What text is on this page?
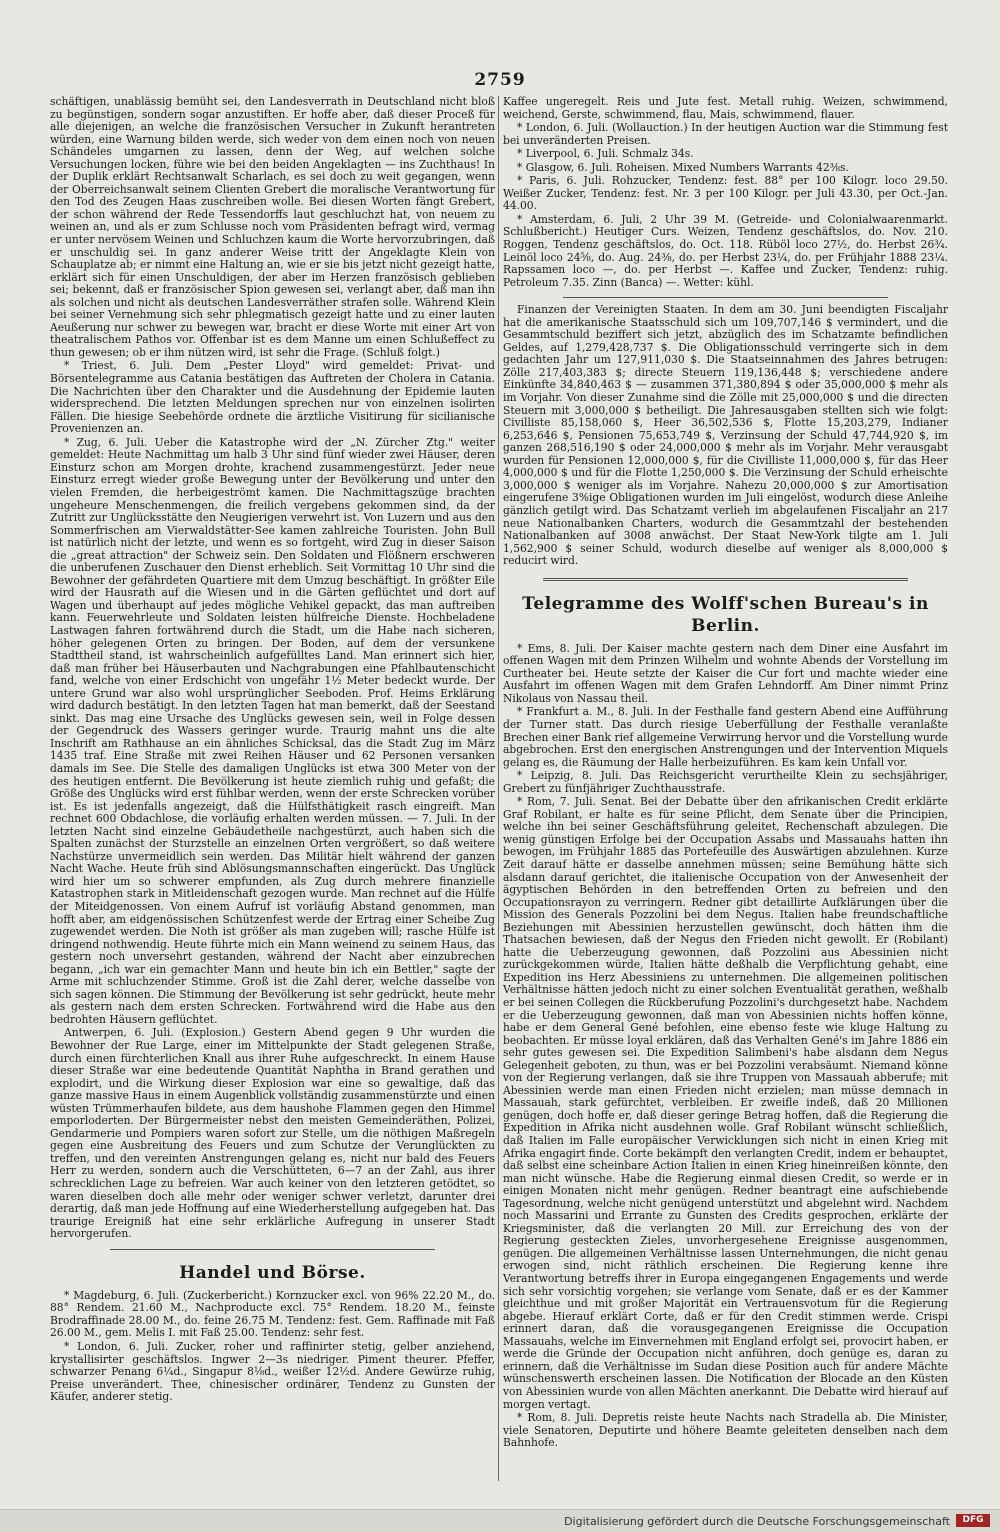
2759

schäftigen, unablässig bemüht sei, den Landesverrath in Deutschland nicht bloß zu begünstigen, sondern sogar anzustiften. Er hoffe aber, daß dieser Proceß für alle diejenigen, an welche die französischen Versucher in Zukunft herantreten würden, eine Warnung bilden werde, sich weder von dem einen noch von neuen Schändeles umgarnen zu lassen, denn der Weg, auf welchen solche Versuchungen locken, führe wie bei den beiden Angeklagten — ins Zuchthaus! In der Duplik erklärt Rechtsanwalt Scharlach, es sei doch zu weit gegangen, wenn der Oberreichsanwalt seinem Clienten Grebert die moralische Verantwortung für den Tod des Zeugen Haas zuschreiben wolle. Bei diesen Worten fängt Grebert, der schon während der Rede Tessendorffs laut geschluchzt hat, von neuem zu weinen an, und als er zum Schlusse noch vom Präsidenten befragt wird, vermag er unter nervösem Weinen und Schluchzen kaum die Worte hervorzubringen, daß er unschuldig sei. In ganz anderer Weise tritt der Angeklagte Klein von Schauplatze ab; er nimmt eine Haltung an, wie er sie bis jetzt nicht gezeigt hatte, erklärt sich für einen Unschuldigen, der aber im Herzen französisch geblieben sei; bekennt, daß er französischer Spion gewesen sei, verlangt aber, daß man ihn als solchen und nicht als deutschen Landesverräther strafen solle. Während Klein bei seiner Vernehmung sich sehr phlegmatisch gezeigt hatte und zu einer lauten Aeußerung nur schwer zu bewegen war, bracht er diese Worte mit einer Art von theatralischem Pathos vor. Offenbar ist es dem Manne um einen Schlußeffect zu thun gewesen; ob er ihm nützen wird, ist sehr die Frage. (Schluß folgt.)

* Triest, 6. Juli. Dem „Pester Lloyd" wird gemeldet: Privat- und Börsentelegramme aus Catania bestätigen das Auftreten der Cholera in Catania. Die Nachrichten über den Charakter und die Ausdehnung der Epidemie lauten widersprechend. Die letzten Meldungen sprechen nur von einzelnen isolirten Fällen. Die hiesige Seebehörde ordnete die ärztliche Visitirung für sicilianische Provenienzen an.

* Zug, 6. Juli. Ueber die Katastrophe wird der „N. Zürcher Ztg." weiter gemeldet: Heute Nachmittag um halb 3 Uhr sind fünf wieder zwei Häuser, deren Einsturz schon am Morgen drohte, krachend zusammengestürzt. Jeder neue Einsturz erregt wieder große Bewegung unter der Bevölkerung und unter den vielen Fremden, die herbeigeströmt kamen. Die Nachmittagszüge brachten ungeheure Menschenmengen, die freilich vergebens gekommen sind, da der Zutritt zur Unglücksstätte den Neugierigen verwehrt ist. Von Luzern und aus den Sommerfrischen am Vierwaldstätter-See kamen zahlreiche Touristen. John Bull ist natürlich nicht der letzte, und wenn es so fortgeht, wird Zug in dieser Saison die „great attraction" der Schweiz sein. Den Soldaten und Flößnern erschweren die unberufenen Zuschauer den Dienst erheblich. Seit Vormittag 10 Uhr sind die Bewohner der gefährdeten Quartiere mit dem Umzug beschäftigt. In größter Eile wird der Hausrath auf die Wiesen und in die Gärten geflüchtet und dort auf Wagen und überhaupt auf jedes mögliche Vehikel gepackt, das man auftreiben kann. Feuerwehrleute und Soldaten leisten hülfreiche Dienste. Hochbeladene Lastwagen fahren fortwährend durch die Stadt, um die Habe nach sicheren, höher gelegenen Orten zu bringen. Der Boden, auf dem der versunkene Stadttheil stand, ist wahrscheinlich aufgefülltes Land. Man erinnert sich hier, daß man früher bei Häuserbauten und Nachgrabungen eine Pfahlbautenschicht fand, welche von einer Erdschicht von ungefähr 1½ Meter bedeckt wurde. Der untere Grund war also wohl ursprünglicher Seeboden. Prof. Heims Erklärung wird dadurch bestätigt. In den letzten Tagen hat man bemerkt, daß der Seestand sinkt. Das mag eine Ursache des Unglücks gewesen sein, weil in Folge dessen der Gegendruck des Wassers geringer wurde. Traurig mahnt uns die alte Inschrift am Rathhause an ein ähnliches Schicksal, das die Stadt Zug im März 1435 traf. Eine Straße mit zwei Reihen Häuser und 62 Personen versanken damals im See. Die Stelle des damaligen Unglücks ist etwa 300 Meter von der des heutigen entfernt. Die Bevölkerung ist heute ziemlich ruhig und gefaßt; die Größe des Unglücks wird erst fühlbar werden, wenn der erste Schrecken vorüber ist. Es ist jedenfalls angezeigt, daß die Hülfsthätigkeit rasch eingreift. Man rechnet 600 Obdachlose, die vorläufig erhalten werden müssen. — 7. Juli. In der letzten Nacht sind einzelne Gebäudetheile nachgestürzt, auch haben sich die Spalten zunächst der Sturzstelle an einzelnen Orten vergrößert, so daß weitere Nachstürze unvermeidlich sein werden. Das Militär hielt während der ganzen Nacht Wache. Heute früh sind Ablösungsmannschaften eingerückt. Das Unglück wird hier um so schwerer empfunden, als Zug durch mehrere finanzielle Katastrophen stark in Mitleidenschaft gezogen wurde. Man rechnet auf die Hülfe der Miteidgenossen. Von einem Aufruf ist vorläufig Abstand genommen, man hofft aber, am eidgenössischen Schützenfest werde der Ertrag einer Scheibe Zug zugewendet werden. Die Noth ist größer als man zugeben will; rasche Hülfe ist dringend nothwendig. Heute führte mich ein Mann weinend zu seinem Haus, das gestern noch unversehrt gestanden, während der Nacht aber einzubrechen begann, „ich war ein gemachter Mann und heute bin ich ein Bettler," sagte der Arme mit schluchzender Stimme. Groß ist die Zahl derer, welche dasselbe von sich sagen können. Die Stimmung der Bevölkerung ist sehr gedrückt, heute mehr als gestern nach dem ersten Schrecken. Fortwährend wird die Habe aus den bedrohten Häusern geflüchtet.

Antwerpen, 6. Juli. (Explosion.) Gestern Abend gegen 9 Uhr wurden die Bewohner der Rue Large, einer im Mittelpunkte der Stadt gelegenen Straße, durch einen fürchterlichen Knall aus ihrer Ruhe aufgeschreckt. In einem Hause dieser Straße war eine bedeutende Quantität Naphtha in Brand gerathen und explodirt, und die Wirkung dieser Explosion war eine so gewaltige, daß das ganze massive Haus in einem Augenblick vollständig zusammenstürzte und einen wüsten Trümmerhaufen bildete, aus dem haushohe Flammen gegen den Himmel emporloderten. Der Bürgermeister nebst den meisten Gemeinderäthen, Polizei, Gendarmerie und Pompiers waren sofort zur Stelle, um die nöthigen Maßregeln gegen eine Ausbreitung des Feuers und zum Schutze der Verunglückten zu treffen, und den vereinten Anstrengungen gelang es, nicht nur bald des Feuers Herr zu werden, sondern auch die Verschütteten, 6—7 an der Zahl, aus ihrer schrecklichen Lage zu befreien. War auch keiner von den letzteren getödtet, so waren dieselben doch alle mehr oder weniger schwer verletzt, darunter drei derartig, daß man jede Hoffnung auf eine Wiederherstellung aufgegeben hat. Das traurige Ereigniß hat eine sehr erklärliche Aufregung in unserer Stadt hervorgerufen.

Handel und Börse.

* Magdeburg, 6. Juli. (Zuckerbericht.) Kornzucker excl. von 96% 22.20 M., do. 88° Rendem. 21.60 M., Nachproducte excl. 75° Rendem. 18.20 M., feinste Brodraffinade 28.00 M., do. feine 26.75 M. Tendenz: fest. Gem. Raffinade mit Faß 26.00 M., gem. Melis I. mit Faß 25.00. Tendenz: sehr fest.

* London, 6. Juli. Zucker, roher und raffinirter stetig, gelber anziehend, krystallisirter geschäftslos. Ingwer 2—3s niedriger. Piment theurer. Pfeffer, schwarzer Penang 6¼d., Singapur 8⅛d., weißer 12½d. Andere Gewürze ruhig, Preise unverändert. Thee, chinesischer ordinärer, Tendenz zu Gunsten der Käufer, anderer stetig.

Kaffee ungeregelt. Reis und Jute fest. Metall ruhig. Weizen, schwimmend, weichend, Gerste, schwimmend, flau, Mais, schwimmend, flauer.

* London, 6. Juli. (Wollauction.) In der heutigen Auction war die Stimmung fest bei unveränderten Preisen.

* Liverpool, 6. Juli. Schmalz 34s.

* Glasgow, 6. Juli. Roheisen. Mixed Numbers Warrants 42⅜s.

* Paris, 6. Juli. Rohzucker, Tendenz: fest. 88° per 100 Kilogr. loco 29.50. Weißer Zucker, Tendenz: fest. Nr. 3 per 100 Kilogr. per Juli 43.30, per Oct.-Jan. 44.00.

* Amsterdam, 6. Juli, 2 Uhr 39 M. (Getreide- und Colonialwaarenmarkt. Schlußbericht.) Heutiger Curs. Weizen, Tendenz geschäftslos, do. Nov. 210. Roggen, Tendenz geschäftslos, do. Oct. 118. Rüböl loco 27½, do. Herbst 26¾. Leinöl loco 24⅝, do. Aug. 24⅜, do. per Herbst 23¼, do. per Frühjahr 1888 23¼. Rapssamen loco —, do. per Herbst —. Kaffee und Zucker, Tendenz: ruhig. Petroleum 7.35. Zinn (Banca) —. Wetter: kühl.

Finanzen der Vereinigten Staaten. In dem am 30. Juni beendigten Fiscaljahr hat die amerikanische Staatsschuld sich um 109,707,146 $ vermindert, und die Gesammtschuld beziffert sich jetzt, abzüglich des im Schatzamte befindlichen Geldes, auf 1,279,428,737 $. Die Obligationsschuld verringerte sich in dem gedachten Jahr um 127,911,030 $. Die Staatseinnahmen des Jahres betrugen: Zölle 217,403,383 $; directe Steuern 119,136,448 $; verschiedene andere Einkünfte 34,840,463 $ — zusammen 371,380,894 $ oder 35,000,000 $ mehr als im Vorjahr. Von dieser Zunahme sind die Zölle mit 25,000,000 $ und die directen Steuern mit 3,000,000 $ betheiligt. Die Jahresausgaben stellten sich wie folgt: Civilliste 85,158,060 $, Heer 36,502,536 $, Flotte 15,203,279, Indianer 6,253,646 $, Pensionen 75,653,749 $, Verzinsung der Schuld 47,744,920 $, im ganzen 268,516,190 $ oder 24,000,000 $ mehr als im Vorjahr. Mehr verausgabt wurden für Pensionen 12,000,000 $, für die Civilliste 11,000,000 $, für das Heer 4,000,000 $ und für die Flotte 1,250,000 $. Die Verzinsung der Schuld erheischte 3,000,000 $ weniger als im Vorjahre. Nahezu 20,000,000 $ zur Amortisation eingerufene 3%ige Obligationen wurden im Juli eingelöst, wodurch diese Anleihe gänzlich getilgt wird. Das Schatzamt verlieh im abgelaufenen Fiscaljahr an 217 neue Nationalbanken Charters, wodurch die Gesammtzahl der bestehenden Nationalbanken auf 3008 anwächst. Der Staat New-York tilgte am 1. Juli 1,562,900 $ seiner Schuld, wodurch dieselbe auf weniger als 8,000,000 $ reducirt wird.

Telegramme des Wolff'schen Bureau's in Berlin.

* Ems, 8. Juli. Der Kaiser machte gestern nach dem Diner eine Ausfahrt im offenen Wagen mit dem Prinzen Wilhelm und wohnte Abends der Vorstellung im Curtheater bei. Heute setzte der Kaiser die Cur fort und machte wieder eine Ausfahrt im offenen Wagen mit dem Grafen Lehndorff. Am Diner nimmt Prinz Nikolaus von Nassau theil.

* Frankfurt a. M., 8. Juli. In der Festhalle fand gestern Abend eine Aufführung der Turner statt. Das durch riesige Ueberfüllung der Festhalle veranlaßte Brechen einer Bank rief allgemeine Verwirrung hervor und die Vorstellung wurde abgebrochen. Erst den energischen Anstrengungen und der Intervention Miquels gelang es, die Räumung der Halle herbeizuführen. Es kam kein Unfall vor.

* Leipzig, 8. Juli. Das Reichsgericht verurtheilte Klein zu sechsjähriger, Grebert zu fünfjähriger Zuchthausstrafe.

* Rom, 7. Juli. Senat. Bei der Debatte über den afrikanischen Credit erklärte Graf Robilant, er halte es für seine Pflicht, dem Senate über die Principien, welche ihn bei seiner Geschäftsführung geleitet, Rechenschaft abzulegen. Die wenig günstigen Erfolge bei der Occupation Assabs und Massauahs hatten ihn bewogen, im Frühjahr 1885 das Portefeuille des Auswärtigen abzulehnen. Kurze Zeit darauf hätte er dasselbe annehmen müssen; seine Bemühung hätte sich alsdann darauf gerichtet, die italienische Occupation von der Anwesenheit der ägyptischen Behörden in den betreffenden Orten zu befreien und den Occupationsrayon zu verringern. Redner gibt detaillirte Aufklärungen über die Mission des Generals Pozzolini bei dem Negus. Italien habe freundschaftliche Beziehungen mit Abessinien herzustellen gewünscht, doch hätten ihm die Thatsachen bewiesen, daß der Negus den Frieden nicht gewollt. Er (Robilant) hatte die Ueberzeugung gewonnen, daß Pozzolini aus Abessinien nicht zurückgekommen würde, Italien hätte deßhalb die Verpflichtung gehabt, eine Expedition ins Herz Abessiniens zu unternehmen. Die allgemeinen politischen Verhältnisse hätten jedoch nicht zu einer solchen Eventualität gerathen, weßhalb er bei seinen Collegen die Rückberufung Pozzolini's durchgesetzt habe. Nachdem er die Ueberzeugung gewonnen, daß man von Abessinien nichts hoffen könne, habe er dem General Gené befohlen, eine ebenso feste wie kluge Haltung zu beobachten. Er müsse loyal erklären, daß das Verhalten Gené's im Jahre 1886 ein sehr gutes gewesen sei. Die Expedition Salimbeni's habe alsdann dem Negus Gelegenheit geboten, zu thun, was er bei Pozzolini verabsäumt. Niemand könne von der Regierung verlangen, daß sie ihre Truppen von Massauah abberufe; mit Abessinien werde man einen Frieden nicht erzielen; man müsse demnach in Massauah, stark gefürchtet, verbleiben. Er zweifle indeß, daß 20 Millionen genügen, doch hoffe er, daß dieser geringe Betrag hoffen, daß die Regierung die Expedition in Afrika nicht ausdehnen wolle. Graf Robilant wünscht schließlich, daß Italien im Falle europäischer Verwicklungen sich nicht in einen Krieg mit Afrika engagirt finde. Corte bekämpft den verlangten Credit, indem er behauptet, daß selbst eine scheinbare Action Italien in einen Krieg hineinreißen könnte, den man nicht wünsche. Habe die Regierung einmal diesen Credit, so werde er in einigen Monaten nicht mehr genügen. Redner beantragt eine aufschiebende Tagesordnung, welche nicht genügend unterstützt und abgelehnt wird. Nachdem noch Massarini und Errante zu Gunsten des Credits gesprochen, erklärte der Kriegsminister, daß die verlangten 20 Mill. zur Erreichung des von der Regierung gesteckten Zieles, unvorhergesehene Ereignisse ausgenommen, genügen. Die allgemeinen Verhältnisse lassen Unternehmungen, die nicht genau erwogen sind, nicht räthlich erscheinen. Die Regierung kenne ihre Verantwortung betreffs ihrer in Europa eingegangenen Engagements und werde sich sehr vorsichtig vorgehen; sie verlange vom Senate, daß er es der Kammer gleichthue und mit großer Majorität ein Vertrauensvotum für die Regierung abgebe. Hierauf erklärt Corte, daß er für den Credit stimmen werde. Crispi erinnert daran, daß die vorausgegangenen Ereignisse die Occupation Massauahs, welche im Einvernehmen mit England erfolgt sei, provocirt haben, er werde die Gründe der Occupation nicht anführen, doch genüge es, daran zu erinnern, daß die Verhältnisse im Sudan diese Position auch für andere Mächte wünschenswerth erscheinen lassen. Die Notification der Blocade an den Küsten von Abessinien wurde von allen Mächten anerkannt. Die Debatte wird hierauf auf morgen vertagt.

* Rom, 8. Juli. Depretis reiste heute Nachts nach Stradella ab. Die Minister, viele Senatoren, Deputirte und höhere Beamte geleiteten denselben nach dem Bahnhofe.

Digitalisierung gefördert durch die Deutsche Forschungsgemeinschaft	DFG
